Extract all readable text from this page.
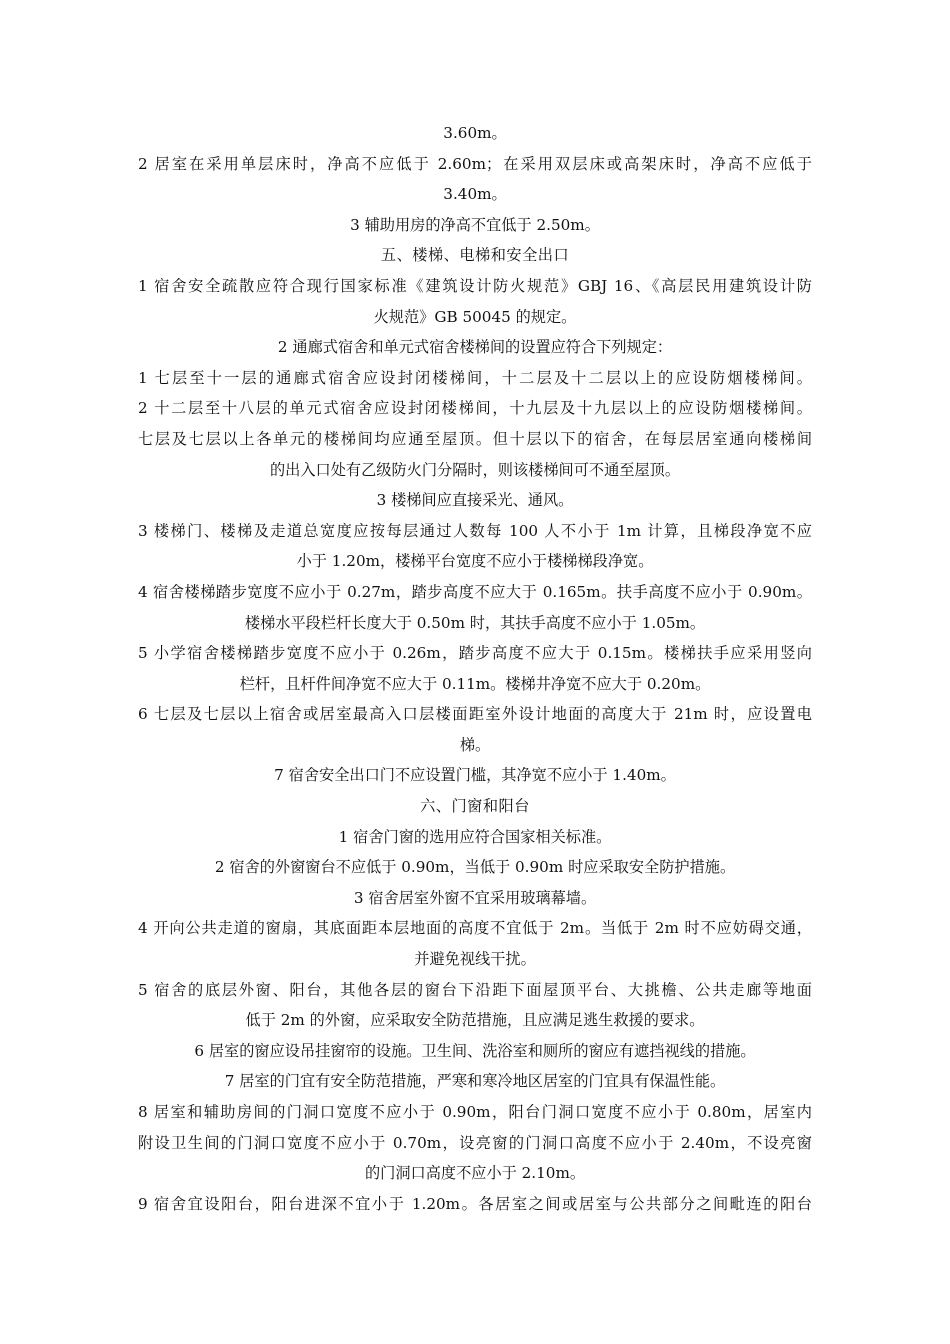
3.60m。
2 居室在采用单层床时，净高不应低于 2.60m；在采用双层床或高架床时，净高不应低于
3.40m。
3 辅助用房的净高不宜低于 2.50m。
五、楼梯、电梯和安全出口
1 宿舍安全疏散应符合现行国家标准《建筑设计防火规范》GBJ 16、《高层民用建筑设计防
火规范》GB 50045 的规定。
2 通廊式宿舍和单元式宿舍楼梯间的设置应符合下列规定：
1 七层至十一层的通廊式宿舍应设封闭楼梯间，十二层及十二层以上的应设防烟楼梯间。
2 十二层至十八层的单元式宿舍应设封闭楼梯间，十九层及十九层以上的应设防烟楼梯间。
七层及七层以上各单元的楼梯间均应通至屋顶。但十层以下的宿舍，在每层居室通向楼梯间
的出入口处有乙级防火门分隔时，则该楼梯间可不通至屋顶。
3 楼梯间应直接采光、通风。
3 楼梯门、楼梯及走道总宽度应按每层通过人数每 100 人不小于 1m 计算，且梯段净宽不应
小于 1.20m，楼梯平台宽度不应小于楼梯梯段净宽。
4 宿舍楼梯踏步宽度不应小于 0.27m，踏步高度不应大于 0.165m。扶手高度不应小于 0.90m。
楼梯水平段栏杆长度大于 0.50m 时，其扶手高度不应小于 1.05m。
5 小学宿舍楼梯踏步宽度不应小于 0.26m，踏步高度不应大于 0.15m。楼梯扶手应采用竖向
栏杆，且杆件间净宽不应大于 0.11m。楼梯井净宽不应大于 0.20m。
6 七层及七层以上宿舍或居室最高入口层楼面距室外设计地面的高度大于 21m 时，应设置电
梯。
7 宿舍安全出口门不应设置门槛，其净宽不应小于 1.40m。
六、门窗和阳台
1 宿舍门窗的选用应符合国家相关标准。
2 宿舍的外窗窗台不应低于 0.90m，当低于 0.90m 时应采取安全防护措施。
3 宿舍居室外窗不宜采用玻璃幕墙。
4 开向公共走道的窗扇，其底面距本层地面的高度不宜低于 2m。当低于 2m 时不应妨碍交通，
并避免视线干扰。
5 宿舍的底层外窗、阳台，其他各层的窗台下沿距下面屋顶平台、大挑檐、公共走廊等地面
低于 2m 的外窗，应采取安全防范措施，且应满足逃生救援的要求。
6 居室的窗应设吊挂窗帘的设施。卫生间、洗浴室和厕所的窗应有遮挡视线的措施。
7 居室的门宜有安全防范措施，严寒和寒冷地区居室的门宜具有保温性能。
8 居室和辅助房间的门洞口宽度不应小于 0.90m，阳台门洞口宽度不应小于 0.80m，居室内
附设卫生间的门洞口宽度不应小于 0.70m，设亮窗的门洞口高度不应小于 2.40m，不设亮窗
的门洞口高度不应小于 2.10m。
9 宿舍宜设阳台，阳台进深不宜小于 1.20m。各居室之间或居室与公共部分之间毗连的阳台
